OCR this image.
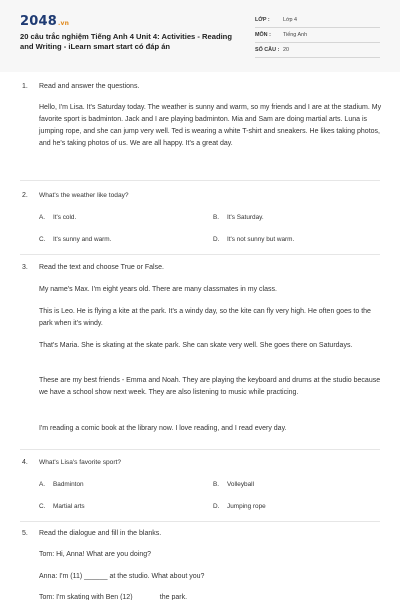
2048.vn
20 câu trắc nghiệm Tiếng Anh 4 Unit 4: Activities - Reading and Writing - iLearn smart start có đáp án
LỚP : Lớp 4
MÔN : Tiếng Anh
SỐ CÂU : 20
1. Read and answer the questions.
Hello, I'm Lisa. It's Saturday today. The weather is sunny and warm, so my friends and I are at the stadium. My favorite sport is badminton. Jack and I are playing badminton. Mia and Sam are doing martial arts. Luna is jumping rope, and she can jump very well. Ted is wearing a white T-shirt and sneakers. He likes taking photos, and he's taking photos of us. We are all happy. It's a great day.
2. What's the weather like today?
A. It's cold.	B. It's Saturday.
C. It's sunny and warm.	D. It's not sunny but warm.
3. Read the text and choose True or False.
My name's Max. I'm eight years old. There are many classmates in my class.
This is Leo. He is flying a kite at the park. It's a windy day, so the kite can fly very high. He often goes to the park when it's windy.
That's Maria. She is skating at the skate park. She can skate very well. She goes there on Saturdays.
These are my best friends - Emma and Noah. They are playing the keyboard and drums at the studio because we have a school show next week. They are also listening to music while practicing.
I'm reading a comic book at the library now. I love reading, and I read every day.
4. What's Lisa's favorite sport?
A. Badminton	B. Volleyball
C. Martial arts	D. Jumping rope
5. Read the dialogue and fill in the blanks.
Tom: Hi, Anna! What are you doing?
Anna: I'm (11) ______ at the studio. What about you?
Tom: I'm skating with Ben (12) ______ the park.
